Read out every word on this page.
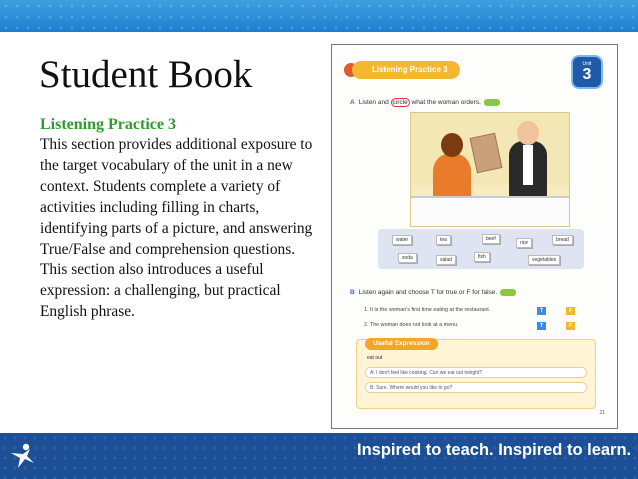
Student Book
Listening Practice 3
This section provides additional exposure to the target vocabulary of the unit in a new context. Students complete a variety of activities including filling in charts, identifying parts of a picture, and answering True/False and comprehension questions. This section also introduces a useful expression: a challenging, but practical English phrase.
Listening Practice 3
Unit
3
A Listen and circle what the woman orders.
water	tea	beef
rice	bread
soda	salad	fish	vegetables
B Listen again and choose T for true or F for false.
1. It is the woman's first time eating at the restaurant.	T	F
2. The woman does not look at a menu.	T	F
Useful Expression
eat out
A: I don't feel like cooking. Can we eat out tonight?
B: Sure. Where would you like to go?
21
Inspired to teach. Inspired to learn.
